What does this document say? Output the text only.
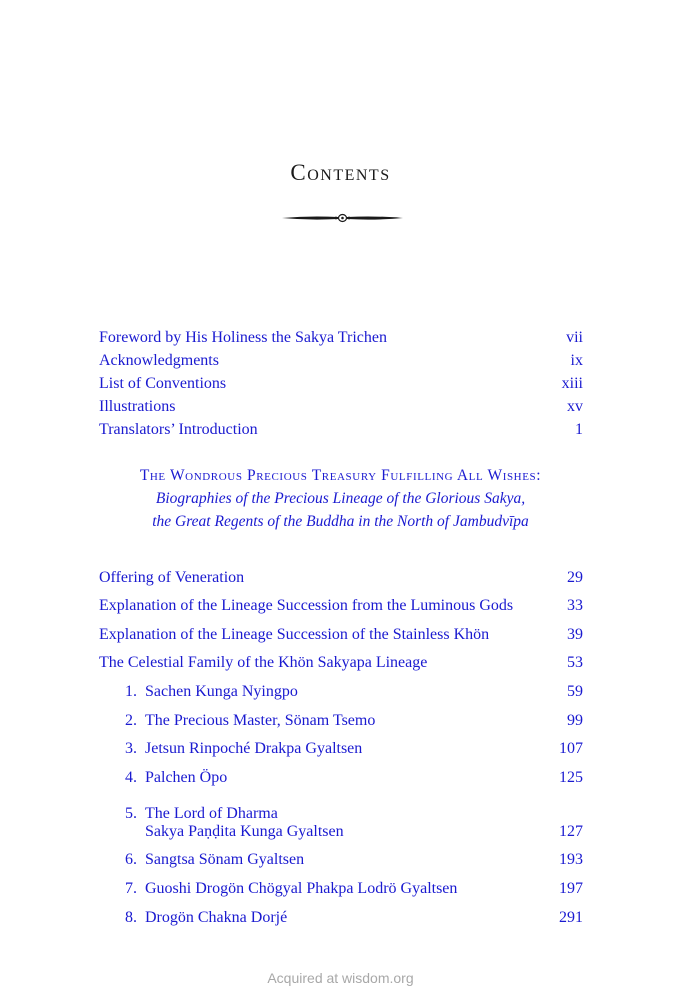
Contents
Foreword by His Holiness the Sakya Trichen	vii
Acknowledgments	ix
List of Conventions	xiii
Illustrations	xv
Translators’ Introduction	1
The Wondrous Precious Treasury Fulfilling All Wishes:
Biographies of the Precious Lineage of the Glorious Sakya,
the Great Regents of the Buddha in the North of Jambudvīpa
Offering of Veneration	29
Explanation of the Lineage Succession from the Luminous Gods	33
Explanation of the Lineage Succession of the Stainless Khön	39
The Celestial Family of the Khön Sakyapa Lineage	53
1. Sachen Kunga Nyingpo	59
2. The Precious Master, Sönam Tsemo	99
3. Jetsun Rinpoché Drakpa Gyaltsen	107
4. Palchen Öpo	125
5. The Lord of Dharma
Sakya Paṇḍita Kunga Gyaltsen	127
6. Sangtsa Sönam Gyaltsen	193
7. Guoshi Drogön Chögyal Phakpa Lodrö Gyaltsen	197
8. Drogön Chakna Dorjé	291
Acquired at wisdom.org
